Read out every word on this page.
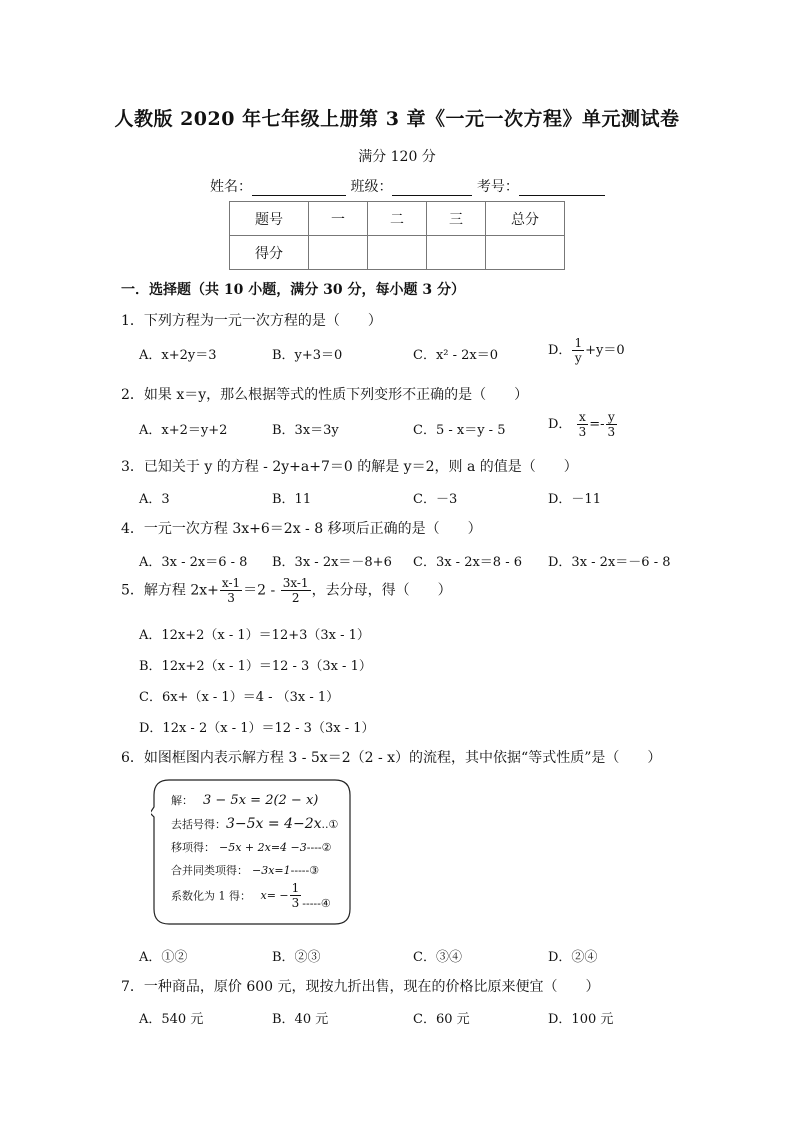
人教版 2020 年七年级上册第 3 章《一元一次方程》单元测试卷
满分 120 分
姓名：	班级：	考号：
题号	一	二	三	总分
得分				
一．选择题（共 10 小题，满分 30 分，每小题 3 分）
1．下列方程为一元一次方程的是（　　）
A．x+2y＝3	B．y+3＝0	C．x² - 2x＝0	D． $\frac{1}{y} +y=0$
2．如果 x＝y，那么根据等式的性质下列变形不正确的是（　　）
A．x+2＝y+2	B．3x＝3y	C．5 - x＝y - 5	D． $\frac{x}{3} =- \frac{y}{3}$
3．已知关于 y 的方程 - 2y+a+7＝0 的解是 y＝2，则 a 的值是（　　）
A．3	B．11	C．－3	D．－11
4．一元一次方程 3x+6＝2x - 8 移项后正确的是（　　）
A．3x - 2x＝6 - 8 B．3x - 2x＝－8+6 C．3x - 2x＝8 - 6 D．3x - 2x＝－6 - 8
5．解方程 $2x+ \frac{x-1}{3} =2 - \frac{3x-1}{2}$ ，去分母，得（　　）
A．12x+2（x - 1）＝12+3（3x - 1）
B．12x+2（x - 1）＝12 - 3（3x - 1）
C．6x+（x - 1）＝4 - （3x - 1）
D．12x - 2（x - 1）＝12 - 3（3x - 1）
6．如图框图内表示解方程 3 - 5x＝2（2 - x）的流程，其中依据“等式性质”是（　　）
解： 3 − 5x = 2(2 − x)
去括号得：3−5x = 4−2x..①
移项得： −5x + 2x=4 −3----②
合并同类项得： −3x=1-----③
系数化为 1 得： $x= - \frac{1}{3}$ -----④
A．①②	B．②③	C．③④	D．②④
7．一种商品，原价 600 元，现按九折出售，现在的价格比原来便宜（　　）
A．540 元	B．40 元	C．60 元	D．100 元
